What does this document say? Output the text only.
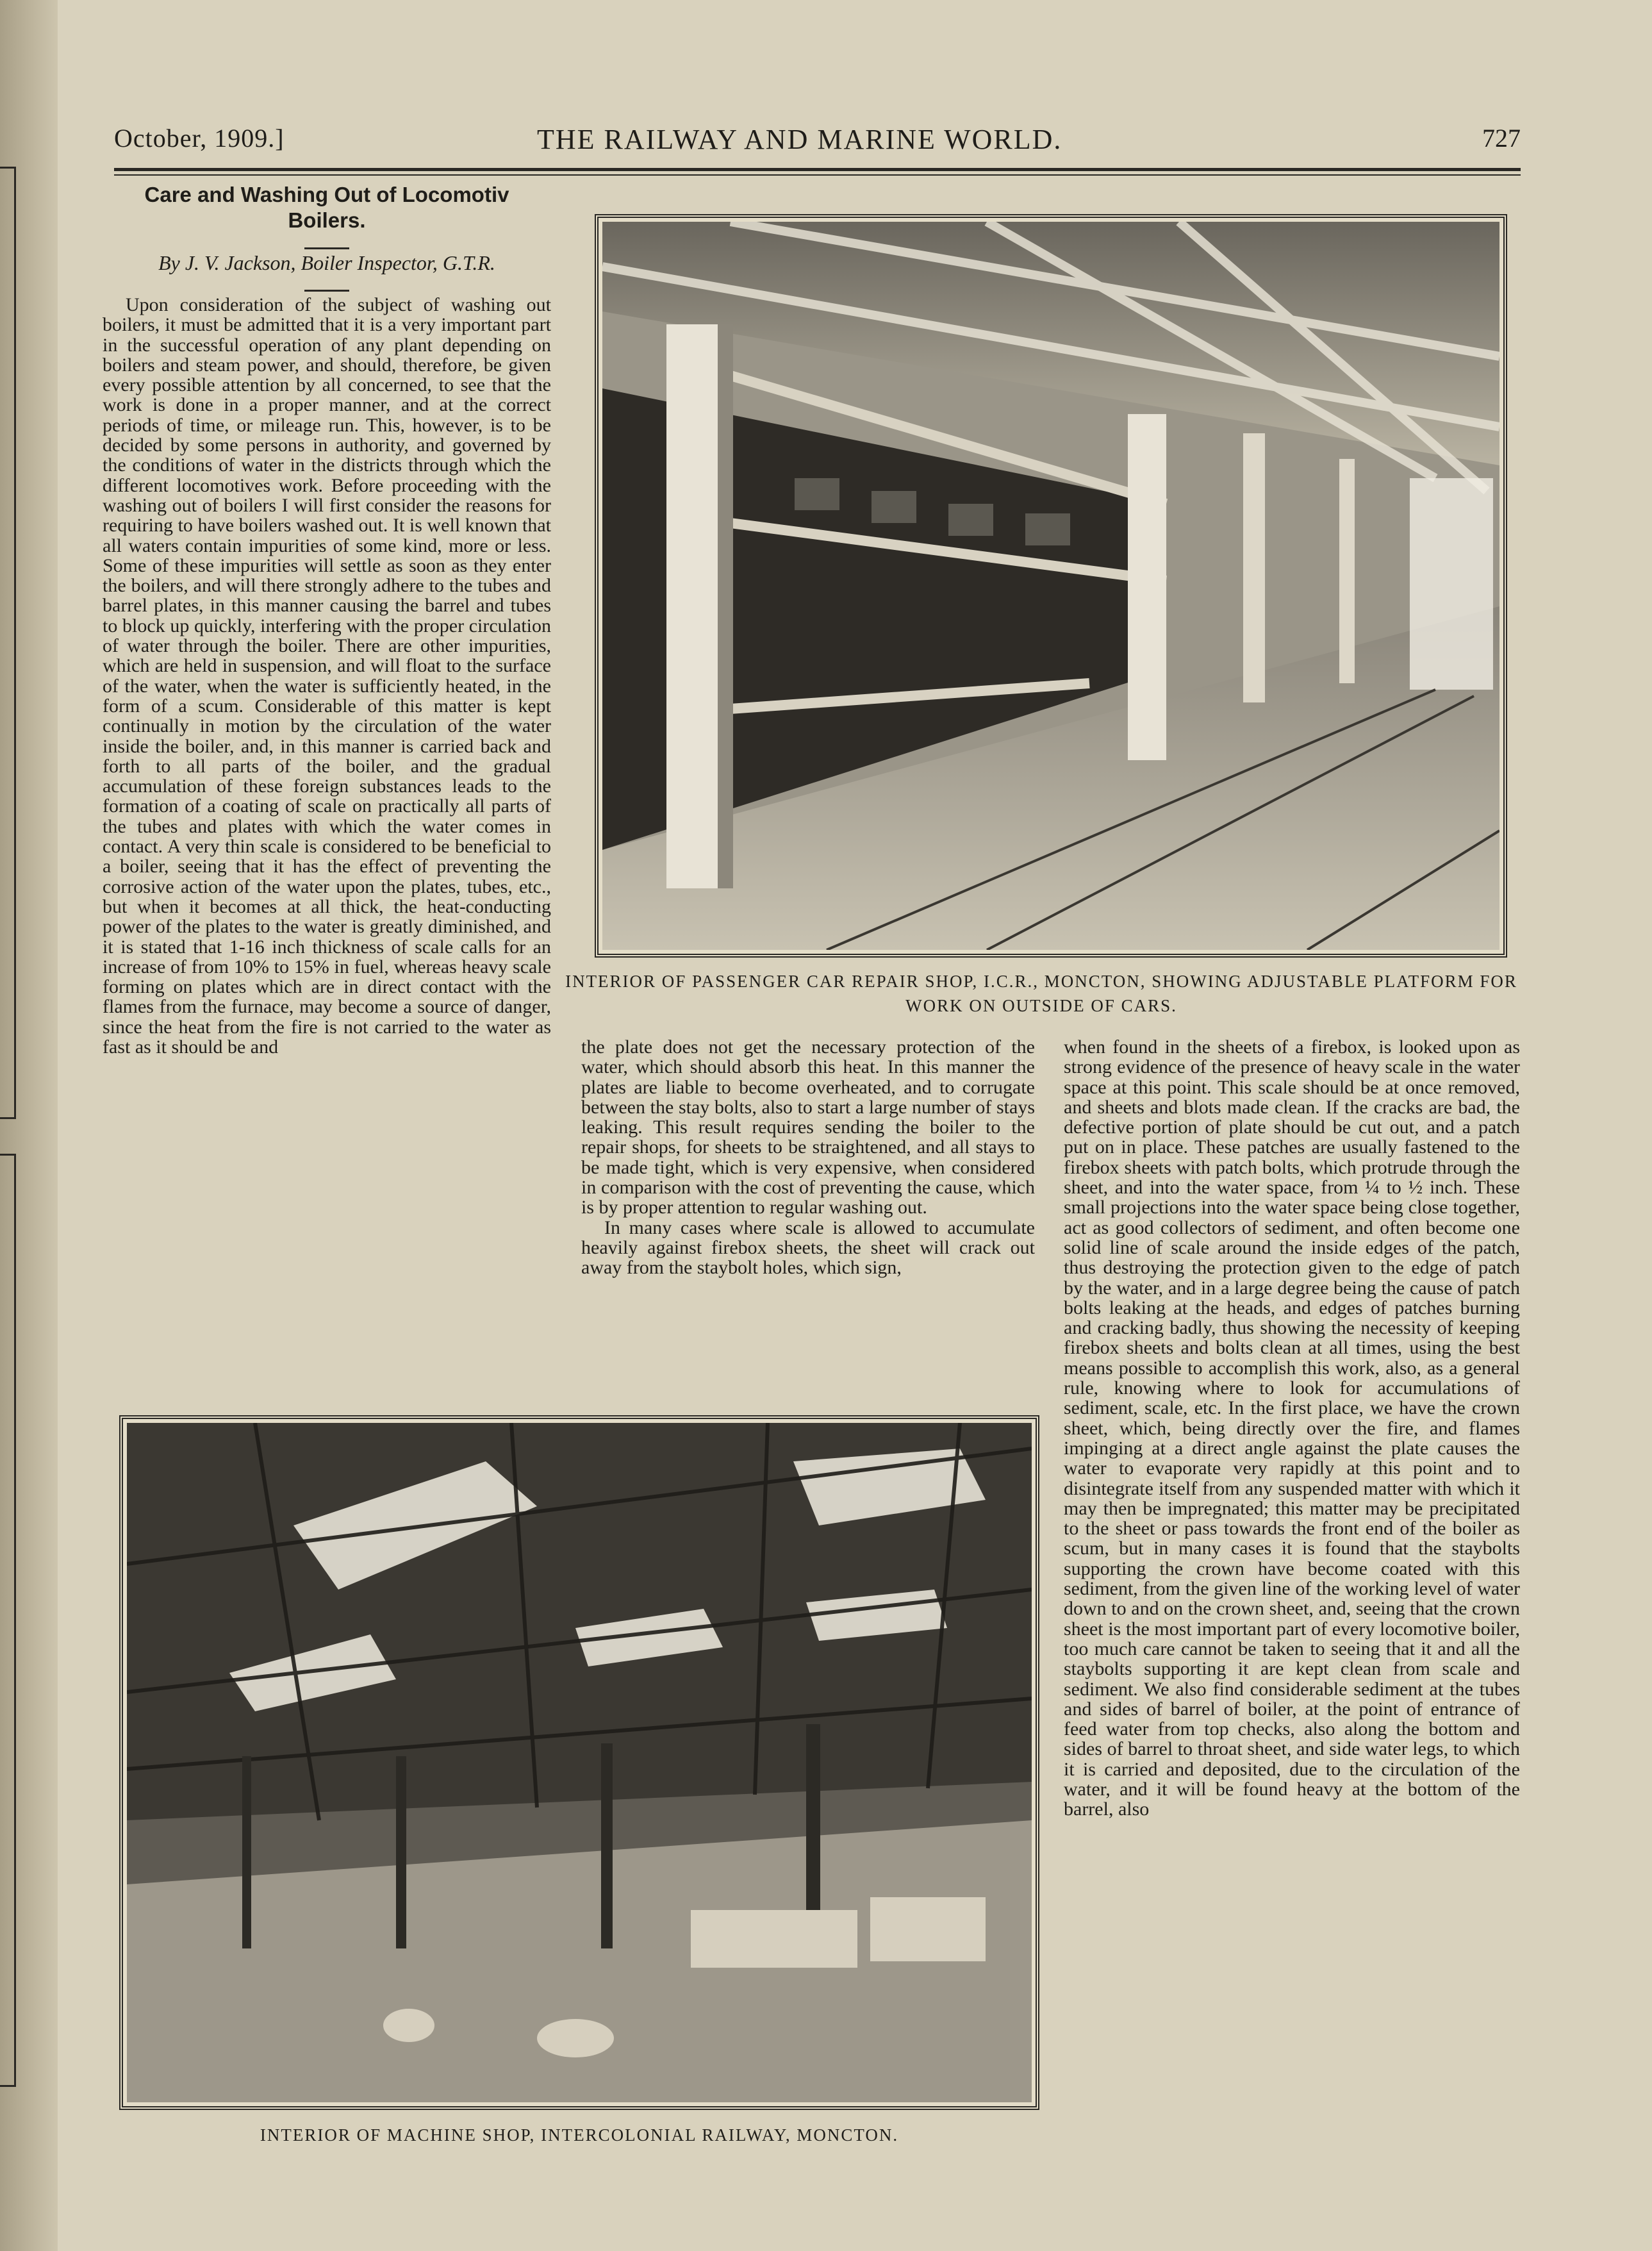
October, 1909.]	THE RAILWAY AND MARINE WORLD.	727
Care and Washing Out of Locomotiv
Boilers.
By J. V. Jackson, Boiler Inspector, G.T.R.

Upon consideration of the subject of washing out boilers, it must be admitted that it is a very important part in the successful operation of any plant depending on boilers and steam power, and should, therefore, be given every possible attention by all concerned, to see that the work is done in a proper manner, and at the correct periods of time, or mileage run. This, however, is to be decided by some persons in authority, and governed by the conditions of water in the districts through which the different locomotives work. Before proceeding with the washing out of boilers I will first consider the reasons for requiring to have boilers washed out. It is well known that all waters contain impurities of some kind, more or less. Some of these impurities will settle as soon as they enter the boilers, and will there strongly adhere to the tubes and barrel plates, in this manner causing the barrel and tubes to block up quickly, interfering with the proper circulation of water through the boiler. There are other impurities, which are held in suspension, and will float to the surface of the water, when the water is sufficiently heated, in the form of a scum. Considerable of this matter is kept continually in motion by the circulation of the water inside the boiler, and, in this manner is carried back and forth to all parts of the boiler, and the gradual accumulation of these foreign substances leads to the formation of a coating of scale on practically all parts of the tubes and plates with which the water comes in contact. A very thin scale is considered to be beneficial to a boiler, seeing that it has the effect of preventing the corrosive action of the water upon the plates, tubes, etc., but when it becomes at all thick, the heat-conducting power of the plates to the water is greatly diminished, and it is stated that 1-16 inch thickness of scale calls for an increase of from 10% to 15% in fuel, whereas heavy scale forming on plates which are in direct contact with the flames from the furnace, may become a source of danger, since the heat from the fire is not carried to the water as fast as it should be and

INTERIOR OF PASSENGER CAR REPAIR SHOP, I.C.R., MONCTON, SHOWING ADJUSTABLE PLATFORM FOR WORK ON OUTSIDE OF CARS.

the plate does not get the necessary protection of the water, which should absorb this heat. In this manner the plates are liable to become overheated, and to corrugate between the stay bolts, also to start a large number of stays leaking. This result requires sending the boiler to the repair shops, for sheets to be straightened, and all stays to be made tight, which is very expensive, when considered in comparison with the cost of preventing the cause, which is by proper attention to regular washing out.

In many cases where scale is allowed to accumulate heavily against firebox sheets, the sheet will crack out away from the staybolt holes, which sign,

when found in the sheets of a firebox, is looked upon as strong evidence of the presence of heavy scale in the water space at this point. This scale should be at once removed, and sheets and blots made clean. If the cracks are bad, the defective portion of plate should be cut out, and a patch put on in place. These patches are usually fastened to the firebox sheets with patch bolts, which protrude through the sheet, and into the water space, from ¼ to ½ inch. These small projections into the water space being close together, act as good collectors of sediment, and often become one solid line of scale around the inside edges of the patch, thus destroying the protection given to the edge of patch by the water, and in a large degree being the cause of patch bolts leaking at the heads, and edges of patches burning and cracking badly, thus showing the necessity of keeping firebox sheets and bolts clean at all times, using the best means possible to accomplish this work, also, as a general rule, knowing where to look for accumulations of sediment, scale, etc. In the first place, we have the crown sheet, which, being directly over the fire, and flames impinging at a direct angle against the plate causes the water to evaporate very rapidly at this point and to disintegrate itself from any suspended matter with which it may then be impregnated; this matter may be precipitated to the sheet or pass towards the front end of the boiler as scum, but in many cases it is found that the staybolts supporting the crown have become coated with this sediment, from the given line of the working level of water down to and on the crown sheet, and, seeing that the crown sheet is the most important part of every locomotive boiler, too much care cannot be taken to seeing that it and all the staybolts supporting it are kept clean from scale and sediment. We also find considerable sediment at the tubes and sides of barrel of boiler, at the point of entrance of feed water from top checks, also along the bottom and sides of barrel to throat sheet, and side water legs, to which it is carried and deposited, due to the circulation of the water, and it will be found heavy at the bottom of the barrel, also

INTERIOR OF MACHINE SHOP, INTERCOLONIAL RAILWAY, MONCTON.
